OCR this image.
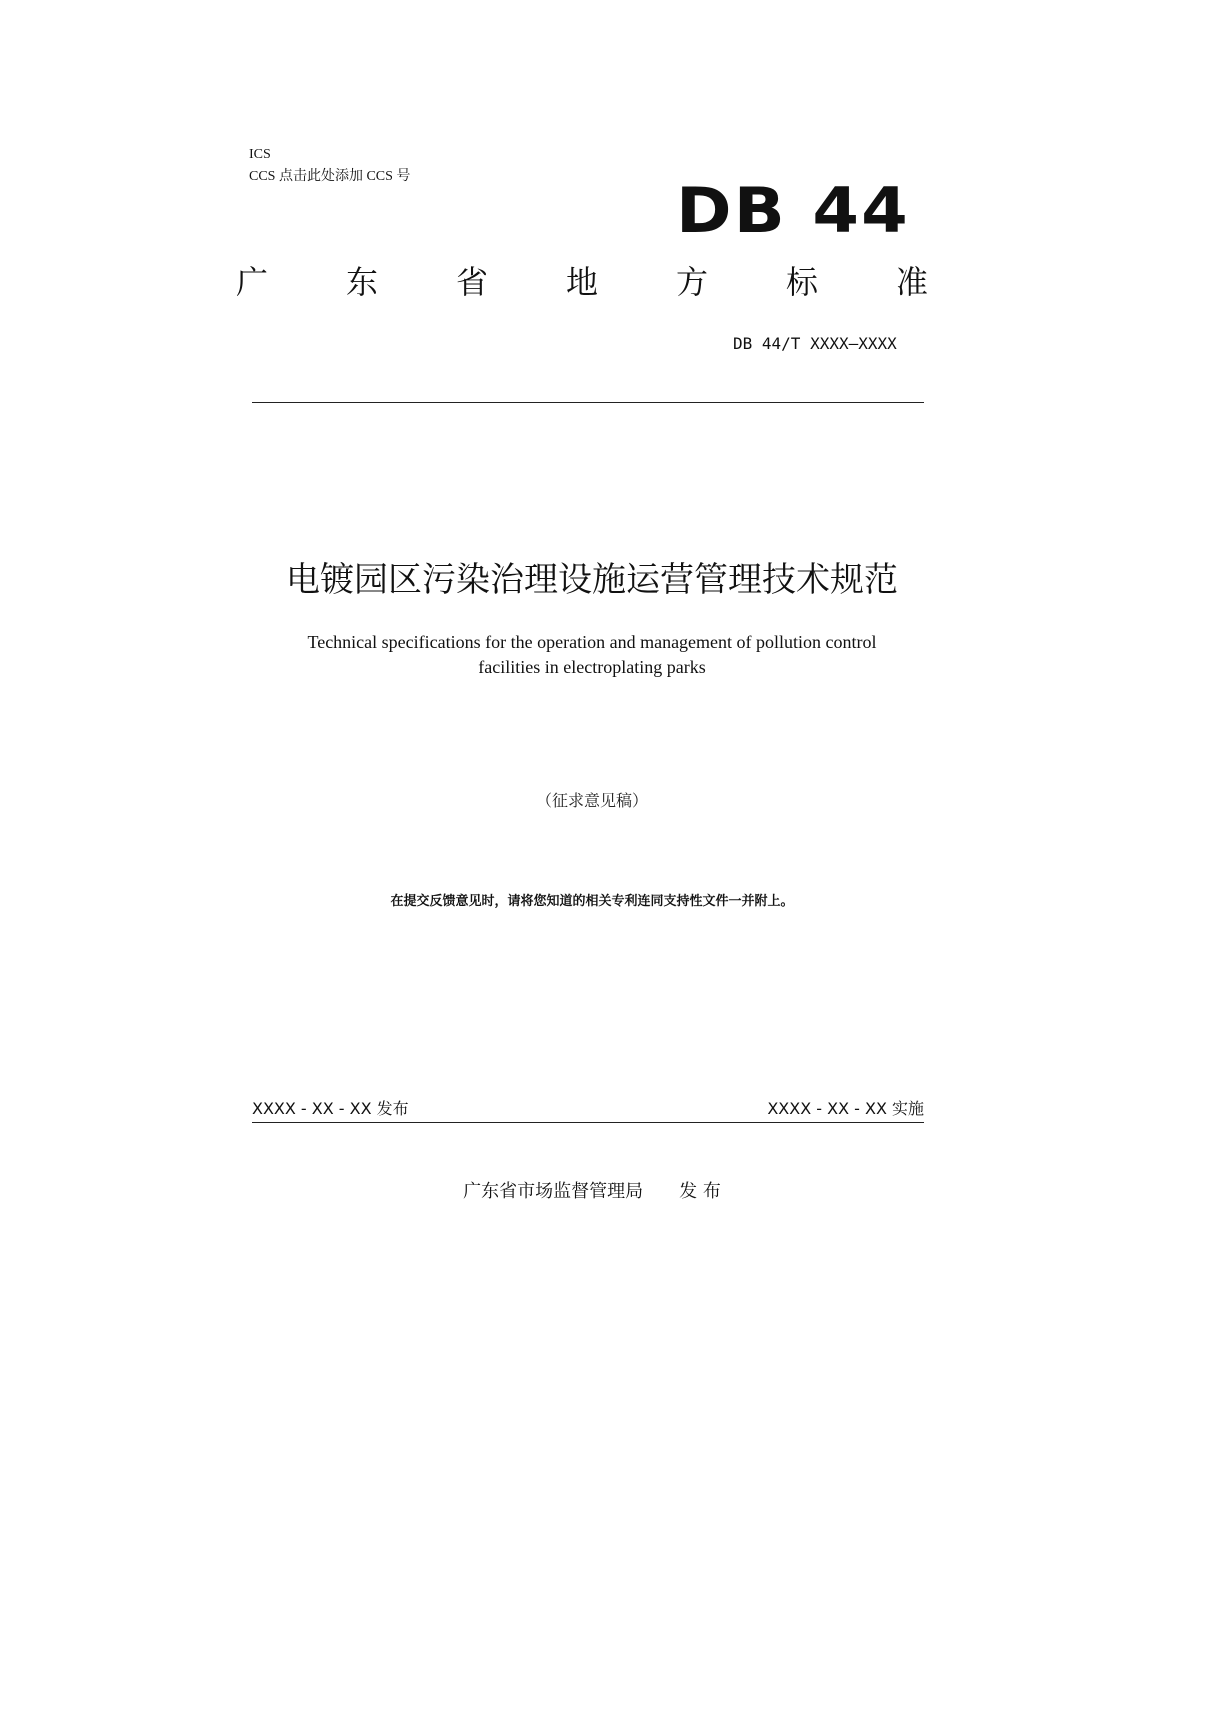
ICS
CCS 点击此处添加 CCS 号	DB 44
广 东 省 地 方 标 准
DB 44/T XXXX—XXXX
电镀园区污染治理设施运营管理技术规范
Technical specifications for the operation and management of pollution control
facilities in electroplating parks
（征求意见稿）
在提交反馈意见时，请将您知道的相关专利连同支持性文件一并附上。
XXXX - XX - XX 发布	XXXX - XX - XX 实施
广东省市场监督管理局 发 布
